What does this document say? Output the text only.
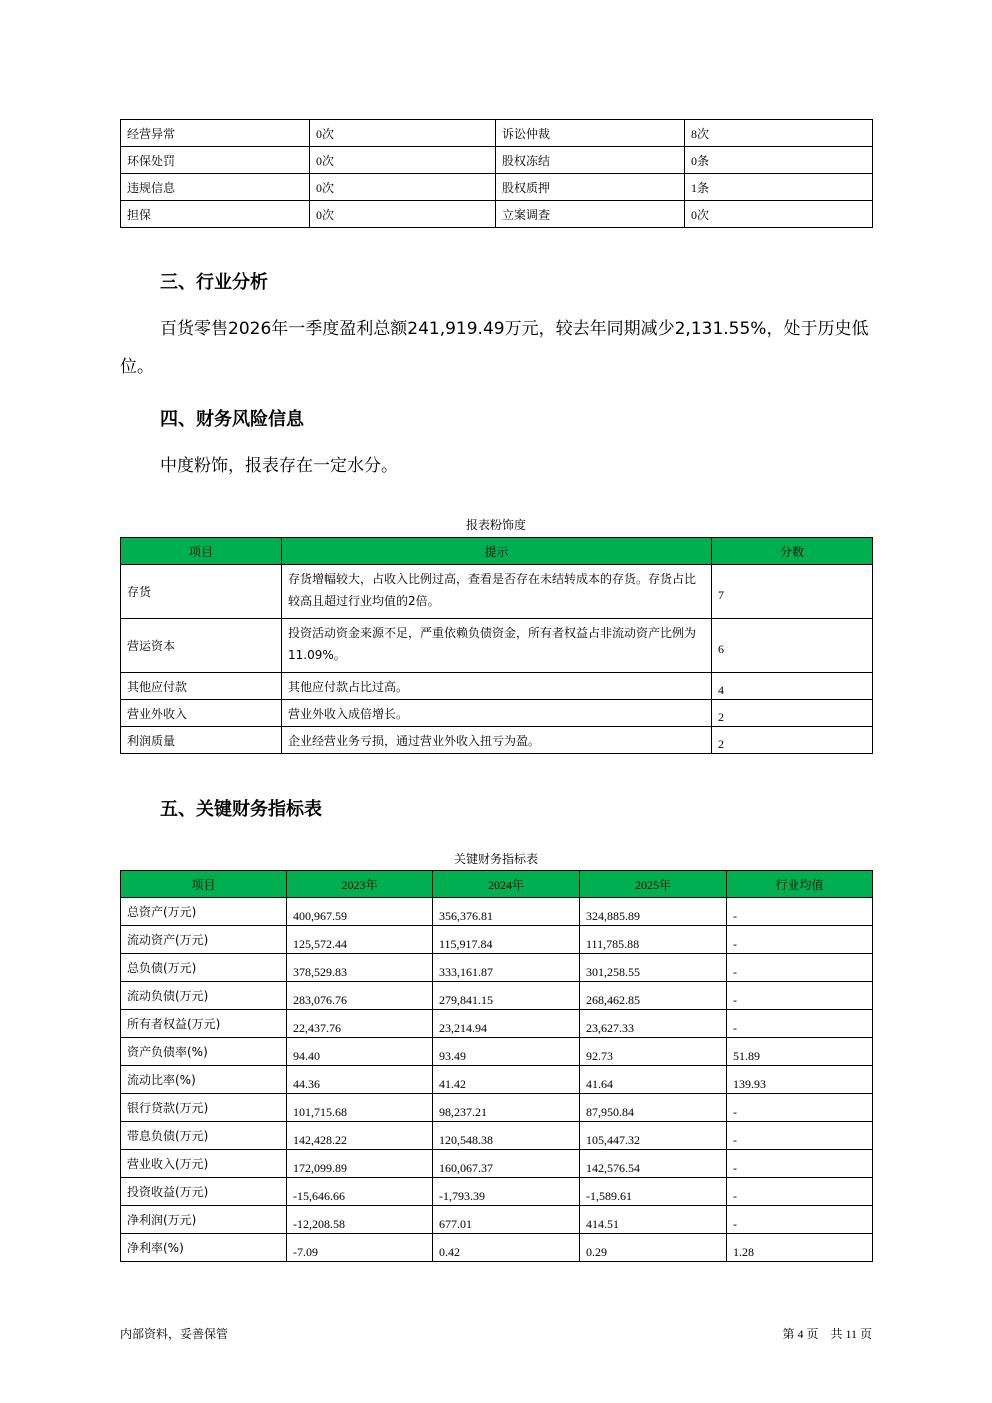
经营异常	0次	诉讼仲裁	8次
环保处罚	0次	股权冻结	0条
违规信息	0次	股权质押	1条
担保	0次	立案调查	0次
三、行业分析

百货零售2026年一季度盈利总额241,919.49万元，较去年同期减少2,131.55%，处于历史低位。

四、财务风险信息

中度粉饰，报表存在一定水分。

报表粉饰度
项目	提示	分数
存货	存货增幅较大，占收入比例过高，查看是否存在未结转成本的存货。存货占比较高且超过行业均值的2倍。	7
营运资本	投资活动资金来源不足，严重依赖负债资金，所有者权益占非流动资产比例为11.09%。	6
其他应付款	其他应付款占比过高。	4
营业外收入	营业外收入成倍增长。	2
利润质量	企业经营业务亏损，通过营业外收入扭亏为盈。	2
五、关键财务指标表
关键财务指标表
项目	2023年	2024年	2025年	行业均值
总资产(万元)	400,967.59	356,376.81	324,885.89	-
流动资产(万元)	125,572.44	115,917.84	111,785.88	-
总负债(万元)	378,529.83	333,161.87	301,258.55	-
流动负债(万元)	283,076.76	279,841.15	268,462.85	-
所有者权益(万元)	22,437.76	23,214.94	23,627.33	-
资产负债率(%)	94.40	93.49	92.73	51.89
流动比率(%)	44.36	41.42	41.64	139.93
银行贷款(万元)	101,715.68	98,237.21	87,950.84	-
带息负债(万元)	142,428.22	120,548.38	105,447.32	-
营业收入(万元)	172,099.89	160,067.37	142,576.54	-
投资收益(万元)	-15,646.66	-1,793.39	-1,589.61	-
净利润(万元)	-12,208.58	677.01	414.51	-
净利率(%)	-7.09	0.42	0.29	1.28
内部资料，妥善保管	第 4 页　共 11 页
